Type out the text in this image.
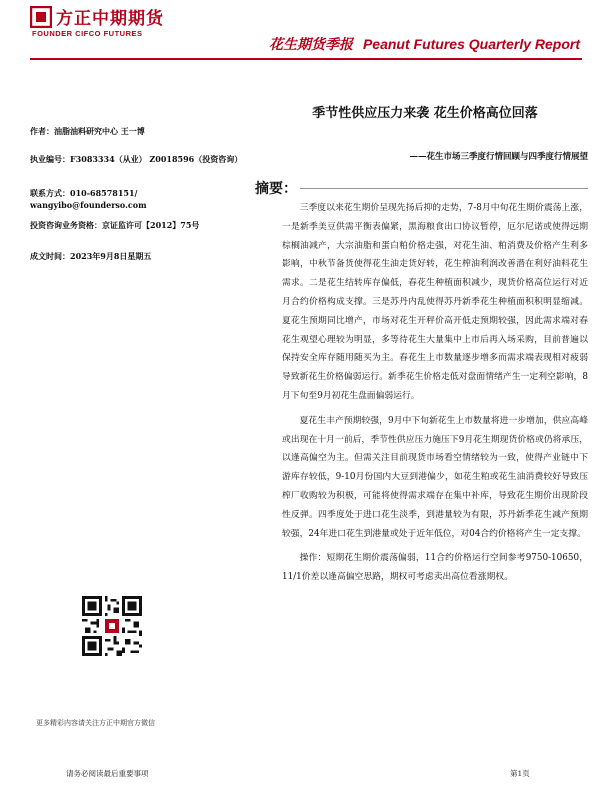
方正中期期货
FOUNDER CIFCO FUTURES
花生期货季报 Peanut Futures Quarterly Report
作者：油脂油料研究中心 王一博
执业编号：F3083334（从业） Z0018596（投资咨询）
联系方式：010-68578151/ wangyibo@founderso.com
投资咨询业务资格：京证监许可【2012】75号
成文时间：2023年9月8日星期五
季节性供应压力来袭 花生价格高位回落
——花生市场三季度行情回顾与四季度行情展望
摘要：

三季度以来花生期价呈现先扬后抑的走势，7-8月中旬花生期价震荡上涨，一是新季美豆供需平衡表偏紧，黑海粮食出口协议暂停，厄尔尼诺或使得远期棕榈油减产，大宗油脂和蛋白粕价格走强，对花生油、粕消费及价格产生利多影响，中秋节备货使得花生油走货好转，花生榨油利润改善潜在利好油料花生需求。二是花生结转库存偏低，春花生种植面积减少，现货价格高位运行对近月合约价格构成支撑。三是苏丹内乱使得苏丹新季花生种植面积积明显缩减。夏花生预期同比增产，市场对花生开秤价高开低走预期较强，因此需求端对春花生观望心理较为明显，多等待花生大量集中上市后再入场采购，目前普遍以保持安全库存随用随买为主。春花生上市数量逐步增多而需求端表现相对疲弱导致新花生价格偏弱运行。新季花生价格走低对盘面情绪产生一定利空影响，8月下旬至9月初花生盘面偏弱运行。

夏花生丰产预期较强，9月中下旬新花生上市数量将进一步增加，供应高峰或出现在十月一前后，季节性供应压力施压下9月花生期现货价格或仍将承压，以逢高偏空为主。但需关注目前现货市场看空情绪较为一致，使得产业链中下游库存较低，9-10月份国内大豆到港偏少，如花生粕或花生油消费较好导致压榨厂收购较为积极，可能将使得需求端存在集中补库，导致花生期价出现阶段性反弹。四季度处于进口花生淡季，到港量较为有限，苏丹新季花生减产预期较强，24年进口花生到港量或处于近年低位，对04合约价格将产生一定支撑。

操作：短期花生期价震荡偏弱，11合约价格运行空间参考9750-10650，11/1价差以逢高偏空思路，期权可考虑卖出高位看涨期权。

更多精彩内容请关注方正中期官方微信
请务必阅读最后重要事项	第1页
